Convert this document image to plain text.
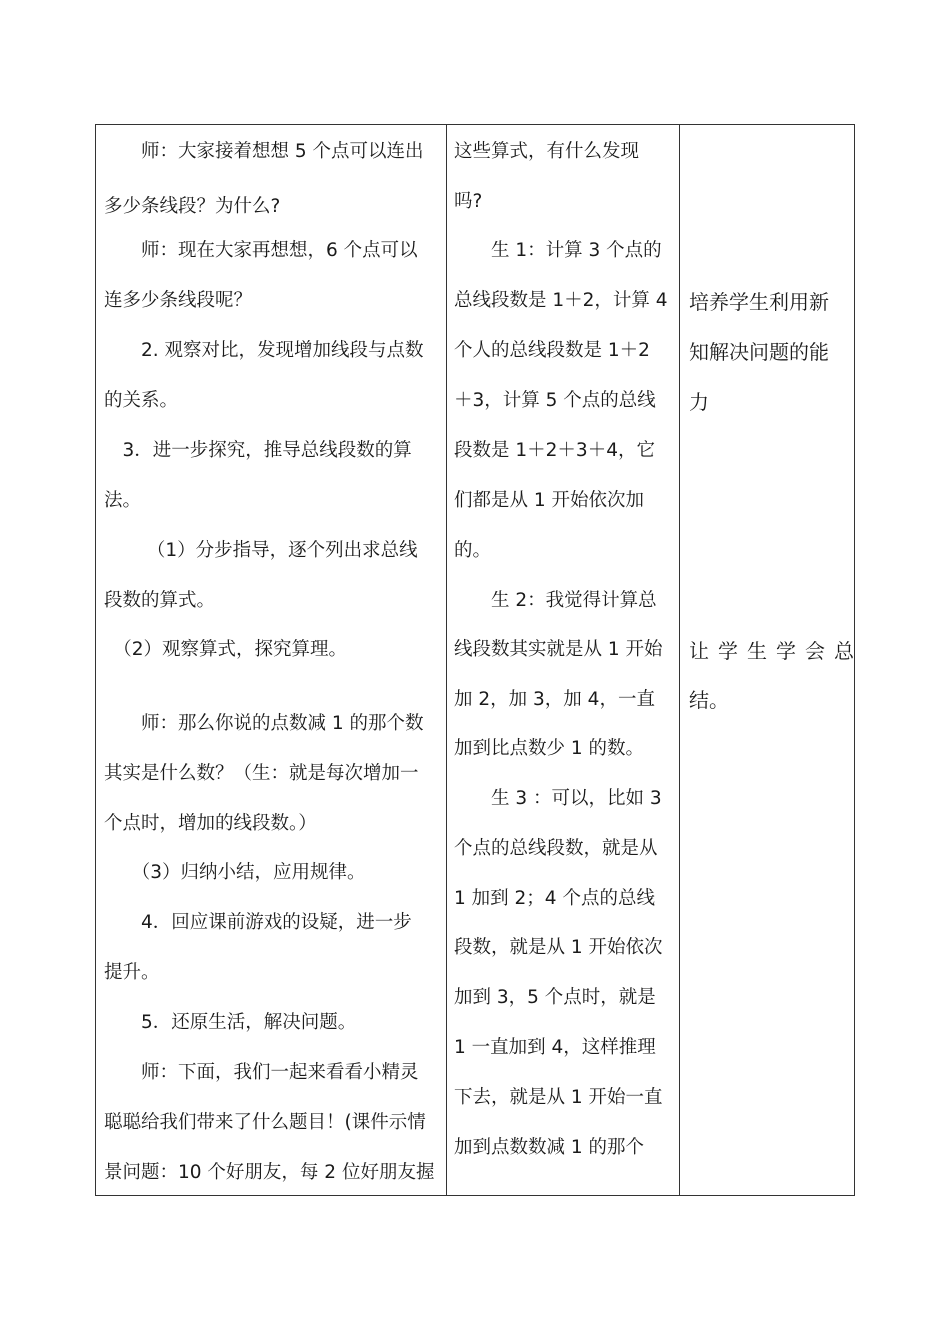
　　师：大家接着想想 5 个点可以连出
多少条线段？为什么?
　　师：现在大家再想想，6 个点可以
连多少条线段呢？
　　2. 观察对比，发现增加线段与点数
的关系。
　3．进一步探究，推导总线段数的算
法。
　　 （1）分步指导，逐个列出求总线
段数的算式。
　（2）观察算式，探究算理。
　　师：那么你说的点数减 1 的那个数
其实是什么数？（生：就是每次增加一
个点时，增加的线段数。）
　　（3）归纳小结，应用规律。
　　4．回应课前游戏的设疑，进一步
提升。
　　5．还原生活，解决问题。
　　师：下面，我们一起来看看小精灵
聪聪给我们带来了什么题目！(课件示情
景问题：10 个好朋友，每 2 位好朋友握
这些算式，有什么发现
吗?
　　生 1：计算 3 个点的
总线段数是 1＋2，计算 4
个人的总线段数是 1＋2
＋3，计算 5 个点的总线
段数是 1＋2＋3＋4，它
们都是从 1 开始依次加
的。
　　生 2：我觉得计算总
线段数其实就是从 1 开始
加 2，加 3，加 4，一直
加到比点数少 1 的数。
　　生 3 ：可以，比如 3
个点的总线段数，就是从
1 加到 2；4 个点的总线
段数，就是从 1 开始依次
加到 3，5 个点时，就是
1 一直加到 4，这样推理
下去，就是从 1 开始一直
加到点数数减 1 的那个
培养学生利用新
知解决问题的能
力
让学生学会总
结。
